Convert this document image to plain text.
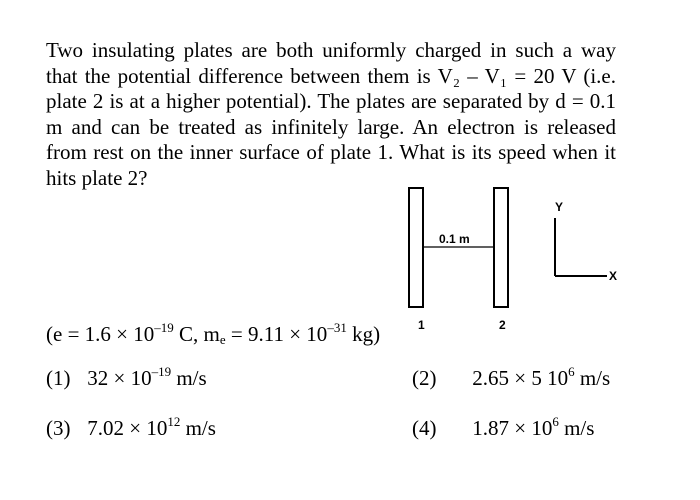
Two insulating plates are both uniformly charged in such a way that the potential difference between them is V₂ – V₁ = 20 V (i.e. plate 2 is at a higher potential). The plates are separated by d = 0.1 m and can be treated as infinitely large. An electron is released from rest on the inner surface of plate 1. What is its speed when it hits plate 2?

0.1 m
1	2
Y
X
($e = 1.6 \times 10^{-19}$ C, $m_e = 9.11 \times 10^{-31}$ kg)
(1) $32 \times 10^{-19}$ m/s	(2) 2.65 × 5 $10^6$ m/s
(3) $7.02 \times 10^{12}$ m/s	(4) $1.87 \times 10^6$ m/s
